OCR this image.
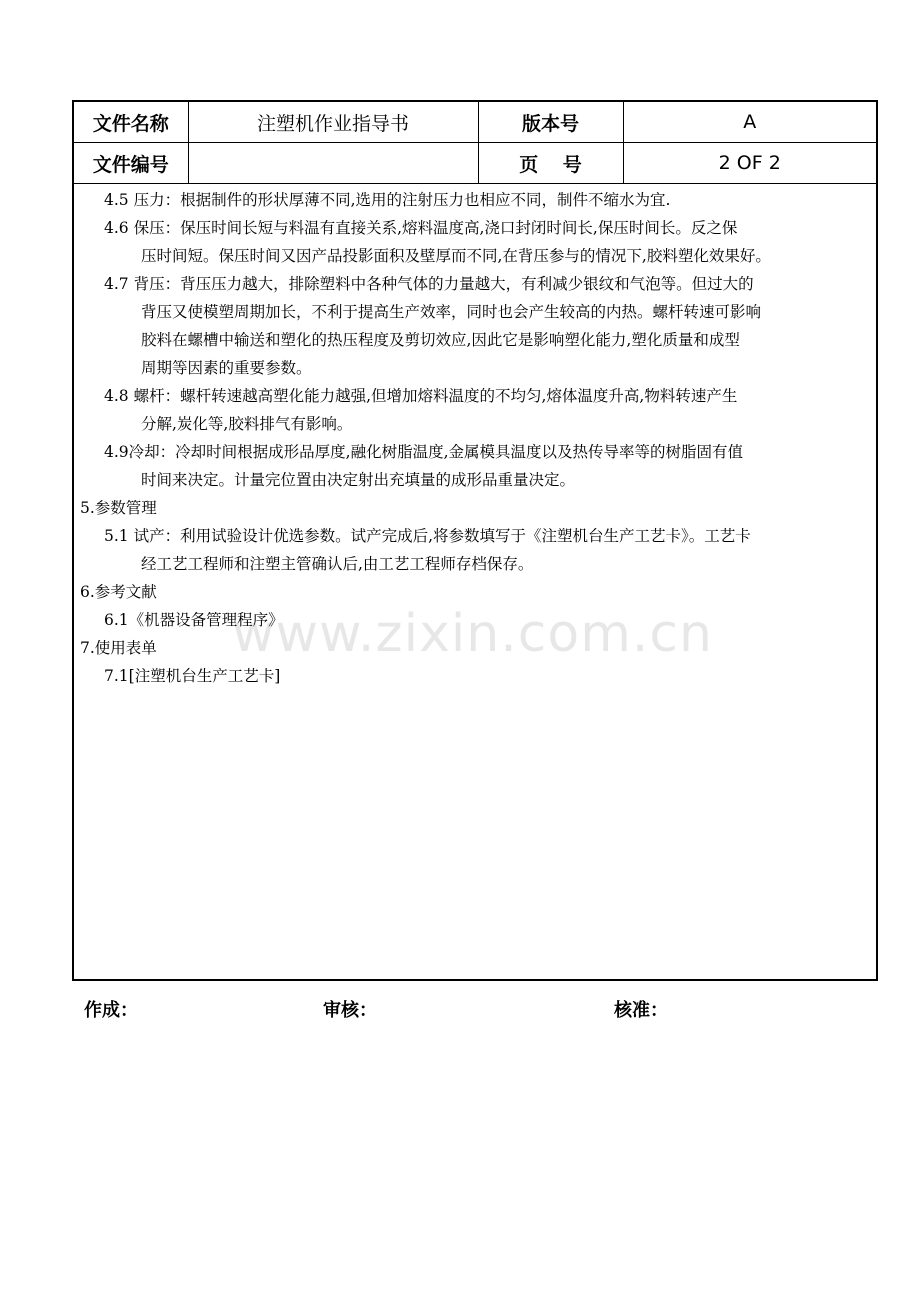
文件名称	注塑机作业指导书	版本号	A
文件编号		页 号	2 OF 2
4.5 压力：根据制件的形状厚薄不同,选用的注射压力也相应不同，制件不缩水为宜.
4.6 保压：保压时间长短与料温有直接关系,熔料温度高,浇口封闭时间长,保压时间长。反之保
压时间短。保压时间又因产品投影面积及壁厚而不同,在背压参与的情况下,胶料塑化效果好。
4.7 背压：背压压力越大，排除塑料中各种气体的力量越大，有利减少银纹和气泡等。但过大的
背压又使模塑周期加长，不利于提高生产效率，同时也会产生较高的内热。螺杆转速可影响
胶料在螺槽中输送和塑化的热压程度及剪切效应,因此它是影响塑化能力,塑化质量和成型
周期等因素的重要参数。
4.8 螺杆：螺杆转速越高塑化能力越强,但增加熔料温度的不均匀,熔体温度升高,物料转速产生
分解,炭化等,胶料排气有影响。
4.9冷却：冷却时间根据成形品厚度,融化树脂温度,金属模具温度以及热传导率等的树脂固有值
时间来决定。计量完位置由决定射出充填量的成形品重量决定。
5.参数管理
5.1 试产：利用试验设计优选参数。试产完成后,将参数填写于《注塑机台生产工艺卡》。工艺卡
经工艺工程师和注塑主管确认后,由工艺工程师存档保存。
6.参考文献
6.1《机器设备管理程序》
7.使用表单
7.1[注塑机台生产工艺卡]
www.zixin.com.cn
作成：	审核：	核准：
